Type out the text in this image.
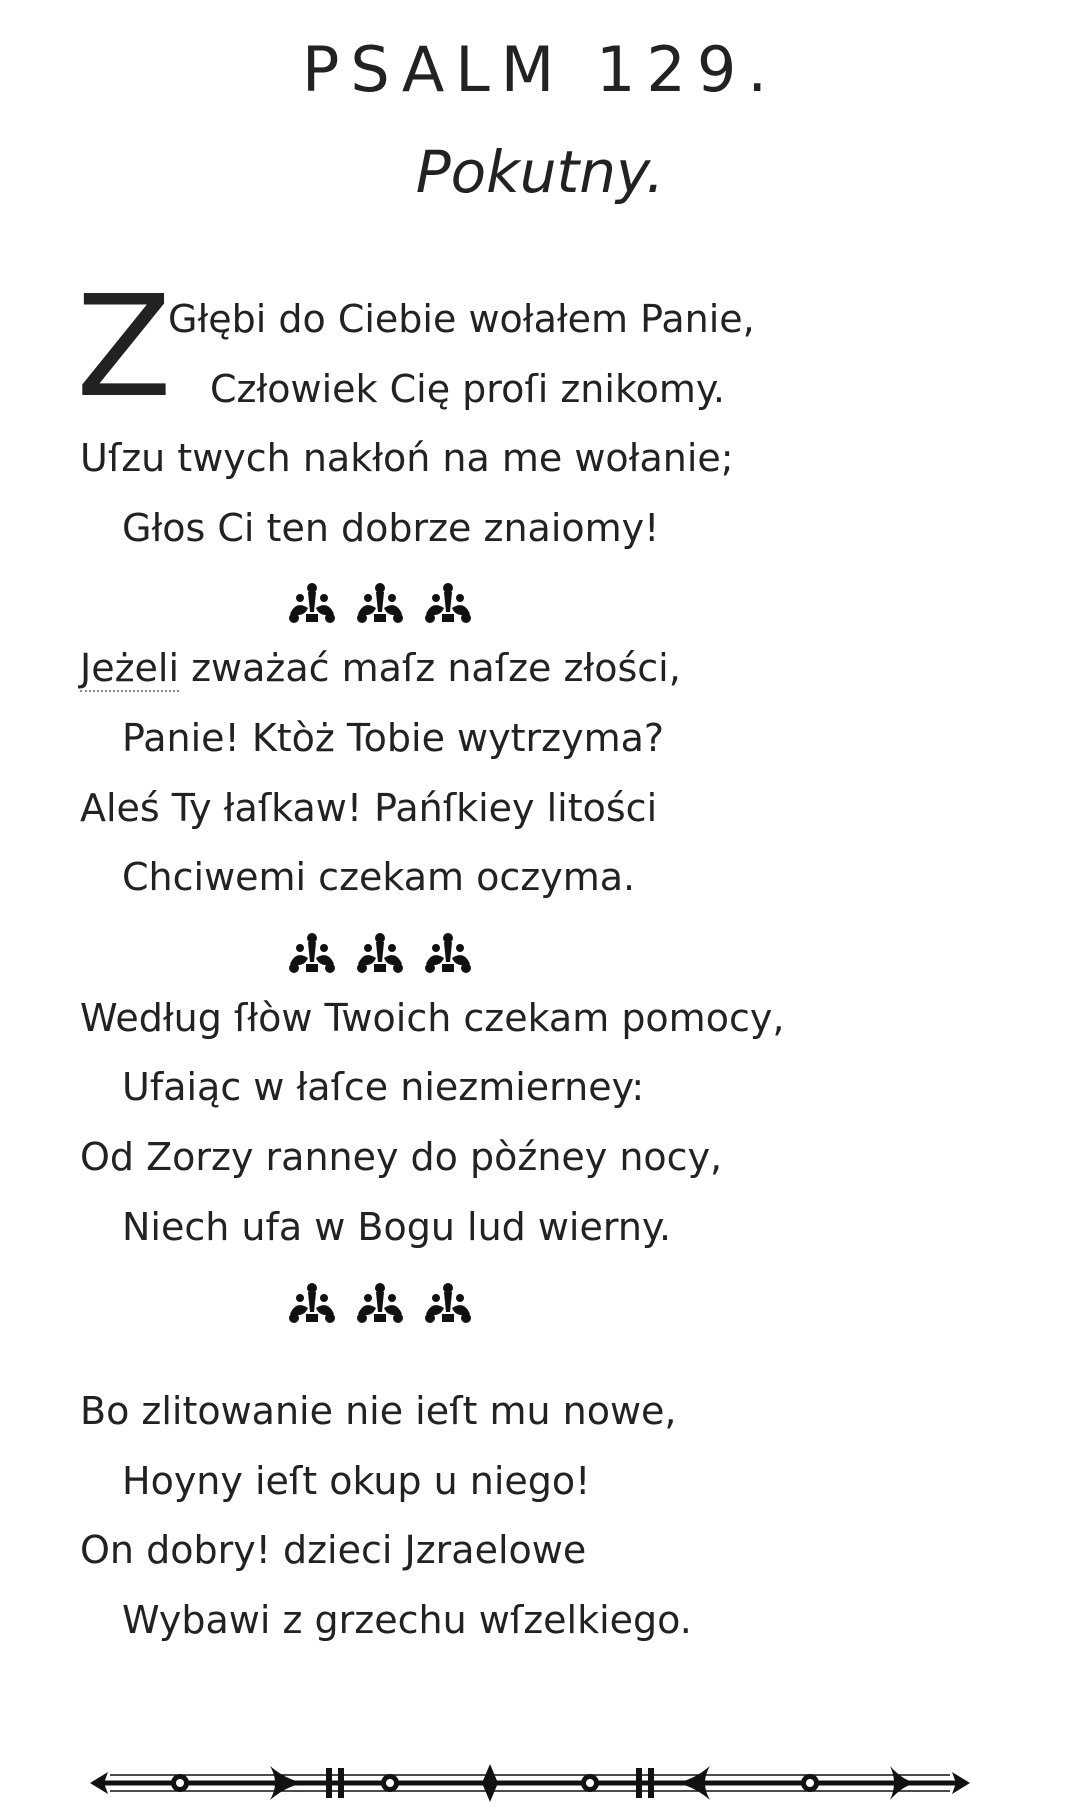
PSALM 129.
Pokutny.
Z
Głębi do Ciebie wołałem Panie,
Człowiek Cię proſi znikomy.
Uſzu twych nakłoń na me wołanie;
Głos Ci ten dobrze znaiomy!
Jeżeli zważać maſz naſze złości,
Panie! Ktòż Tobie wytrzyma?
Aleś Ty łaſkaw! Pańſkiey litości
Chciwemi czekam oczyma.
Według ſłòw Twoich czekam pomocy,
Ufaiąc w łaſce niezmierney:
Od Zorzy ranney do pòźney nocy,
Niech ufa w Bogu lud wierny.
Bo zlitowanie nie ieſt mu nowe,
Hoyny ieſt okup u niego!
On dobry! dzieci Jzraelowe
Wybawi z grzechu wſzelkiego.
